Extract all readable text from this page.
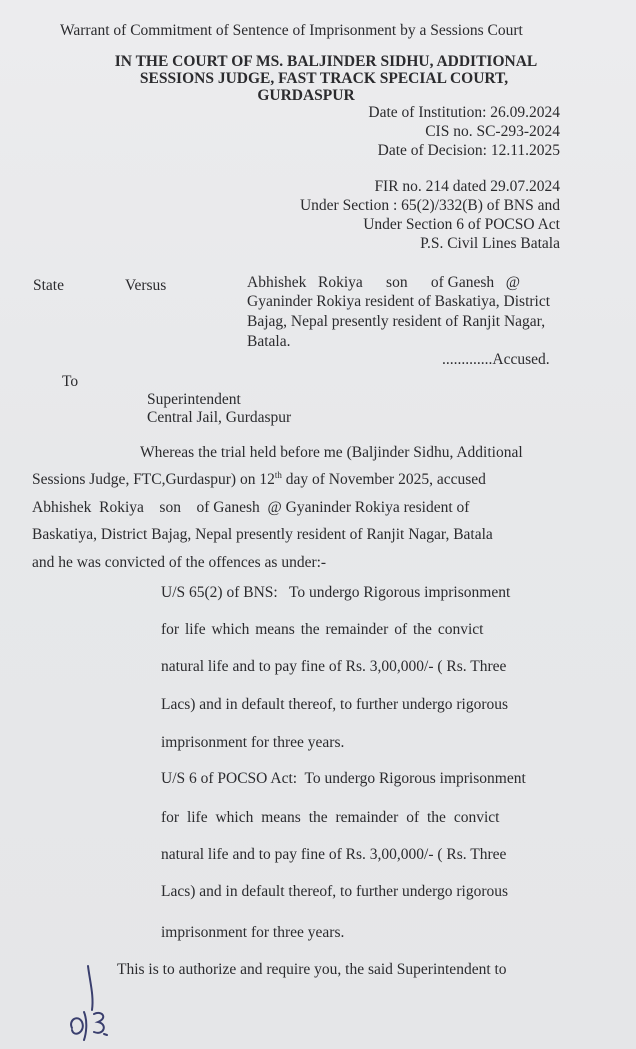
Warrant of Commitment of Sentence of Imprisonment by a Sessions Court
IN THE COURT OF MS. BALJINDER SIDHU, ADDITIONAL
SESSIONS JUDGE, FAST TRACK SPECIAL COURT,
GURDASPUR
Date of Institution: 26.09.2024
CIS no. SC-293-2024
Date of Decision: 12.11.2025
FIR no. 214 dated 29.07.2024
Under Section : 65(2)/332(B) of BNS and
Under Section 6 of POCSO Act
P.S. Civil Lines Batala
State	Versus	Abhishek   Rokiya      son      of Ganesh   @
Gyaninder Rokiya resident of Baskatiya, District
Bajag, Nepal presently resident of Ranjit Nagar,
Batala.
.............Accused.
To
Superintendent
Central Jail, Gurdaspur
Whereas the trial held before me (Baljinder Sidhu, Additional
Sessions Judge, FTC,Gurdaspur) on 12th day of November 2025, accused
Abhishek  Rokiya    son    of Ganesh  @ Gyaninder Rokiya resident of
Baskatiya, District Bajag, Nepal presently resident of Ranjit Nagar, Batala
and he was convicted of the offences as under:-
U/S 65(2) of BNS:   To undergo Rigorous imprisonment
for life which means the remainder of the convict
natural life and to pay fine of Rs. 3,00,000/- ( Rs. Three
Lacs) and in default thereof, to further undergo rigorous
imprisonment for three years.
U/S 6 of POCSO Act:  To undergo Rigorous imprisonment
for life which means the remainder of the convict
natural life and to pay fine of Rs. 3,00,000/- ( Rs. Three
Lacs) and in default thereof, to further undergo rigorous
imprisonment for three years.
This is to authorize and require you, the said Superintendent to
